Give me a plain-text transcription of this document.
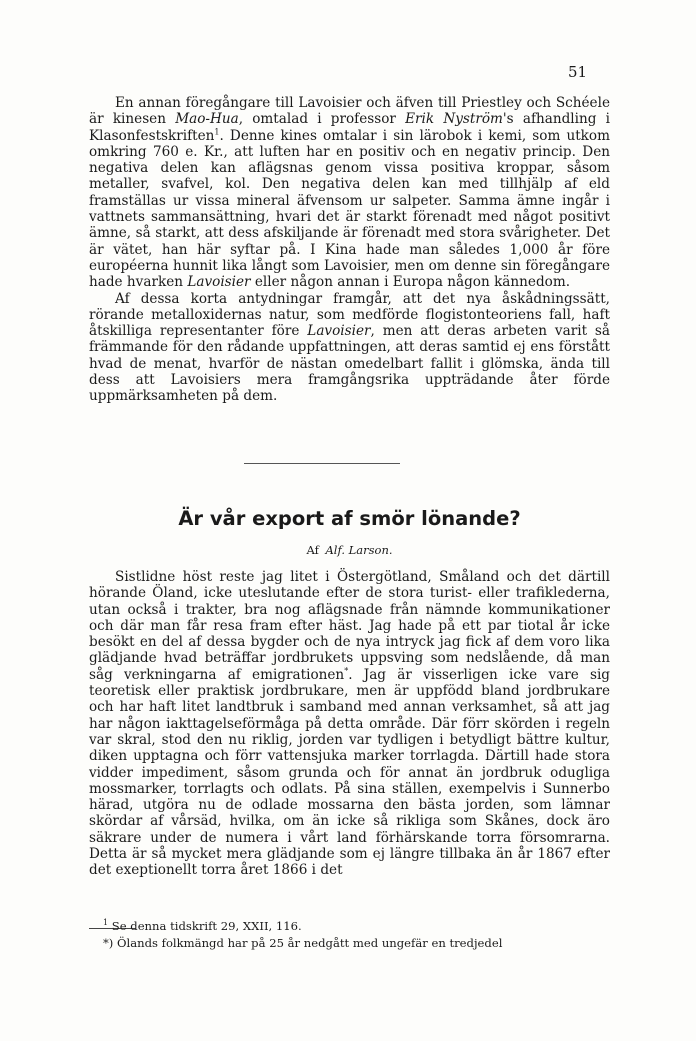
51

En annan föregångare till Lavoisier och äfven till Priestley och Schéele är kinesen Mao-Hua, omtalad i professor Erik Nyström's afhandling i Klasonfestskriften$^1$. Denne kines omtalar i sin lärobok i kemi, som utkom omkring 760 e. Kr., att luften har en positiv och en negativ princip. Den negativa delen kan aflägsnas genom vissa positiva kroppar, såsom metaller, svafvel, kol. Den negativa delen kan med tillhjälp af eld framställas ur vissa mineral äfvensom ur salpeter. Samma ämne ingår i vattnets sammansättning, hvari det är starkt förenadt med något positivt ämne, så starkt, att dess afskiljande är förenadt med stora svårigheter. Det är vätet, han här syftar på. I Kina hade man således 1,000 år före européerna hunnit lika långt som Lavoisier, men om denne sin föregångare hade hvarken Lavoisier eller någon annan i Europa någon kännedom.

Af dessa korta antydningar framgår, att det nya åskådningssätt, rörande metalloxidernas natur, som medförde flogistonteoriens fall, haft åtskilliga representanter före Lavoisier, men att deras arbeten varit så främmande för den rådande uppfattningen, att deras samtid ej ens förstått hvad de menat, hvarför de nästan omedelbart fallit i glömska, ända till dess att Lavoisiers mera framgångsrika uppträdande åter förde uppmärksamheten på dem.

Är vår export af smör lönande?
Af Alf. Larson.

Sistlidne höst reste jag litet i Östergötland, Småland och det därtill hörande Öland, icke uteslutande efter de stora turist- eller trafiklederna, utan också i trakter, bra nog aflägsnade från nämnde kommunikationer och där man får resa fram efter häst. Jag hade på ett par tiotal år icke besökt en del af dessa bygder och de nya intryck jag fick af dem voro lika glädjande hvad beträffar jordbrukets uppsving som nedslående, då man såg verkningarna af emigrationen*. Jag är visserligen icke vare sig teoretisk eller praktisk jordbrukare, men är uppfödd bland jordbrukare och har haft litet landtbruk i samband med annan verksamhet, så att jag har någon iakttagelseförmåga på detta område. Där förr skörden i regeln var skral, stod den nu riklig, jorden var tydligen i betydligt bättre kultur, diken upptagna och förr vattensjuka marker torrlagda. Därtill hade stora vidder impediment, såsom grunda och för annat än jordbruk odugliga mossmarker, torrlagts och odlats. På sina ställen, exempelvis i Sunnerbo härad, utgöra nu de odlade mossarna den bästa jorden, som lämnar skördar af vårsäd, hvilka, om än icke så rikliga som Skånes, dock äro säkrare under de numera i vårt land förhärskande torra försomrarna. Detta är så mycket mera glädjande som ej längre tillbaka än år 1867 efter det exeptionellt torra året 1866 i det

$^1$ Se denna tidskrift 29, XXII, 116.
*) Ölands folkmängd har på 25 år nedgått med ungefär en tredjedel
